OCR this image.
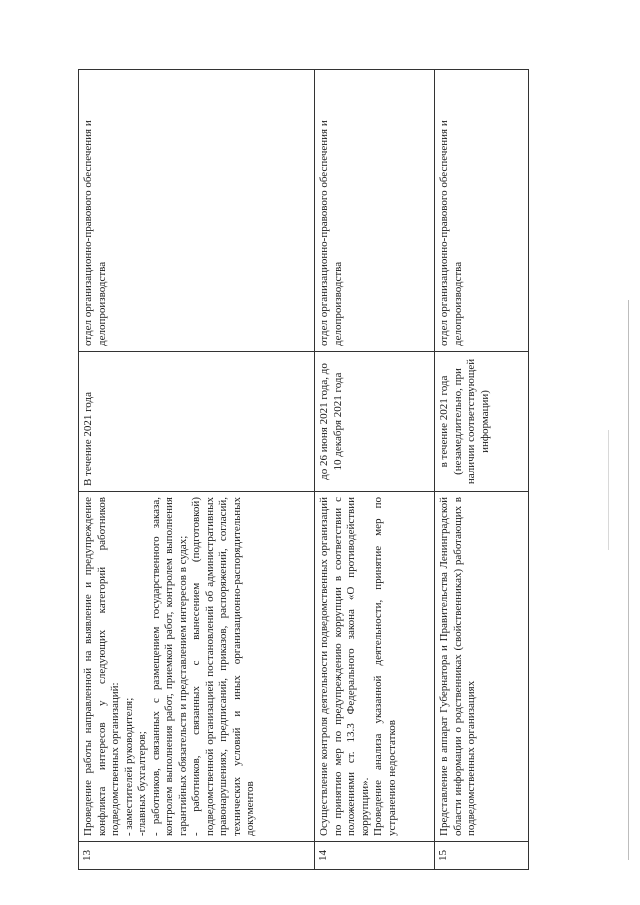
13	Проведение работы направленной на выявление и предупреждение конфликта интересов у следующих категорий работников подведомственных организаций: - заместителей руководителя; -главных бухгалтеров; - работников, связанных с размещением государственного заказа, контролем выполнения работ, приемкой работ, контролем выполнения гарантийных обязательств и представлением интересов в судах; - работников, связанных с вынесением (подготовкой) подведомственной организацией постановлений об административных правонарушениях, предписаний, приказов, распоряжений, согласий, технических условий и иных организационно-распорядительных документов	В течение 2021 года	отдел организационно-правового обеспечения и делопроизводства
14	Осуществление контроля деятельности подведомственных организаций по принятию мер по предупреждению коррупции в соответствии с положениями ст. 13.3 Федерального закона «О противодействии коррупции». Проведение анализа указанной деятельности, принятие мер по устранению недостатков	до 26 июня 2021 года, до 10 декабря 2021 года	отдел организационно-правового обеспечения и делопроизводства
15	Представление в аппарат Губернатора и Правительства Ленинградской области информации о родственниках (свойственниках) работающих в подведомственных организациях	в течение 2021 года (незамедлительно, при наличии соответствующей информации)	отдел организационно-правового обеспечения и делопроизводства
